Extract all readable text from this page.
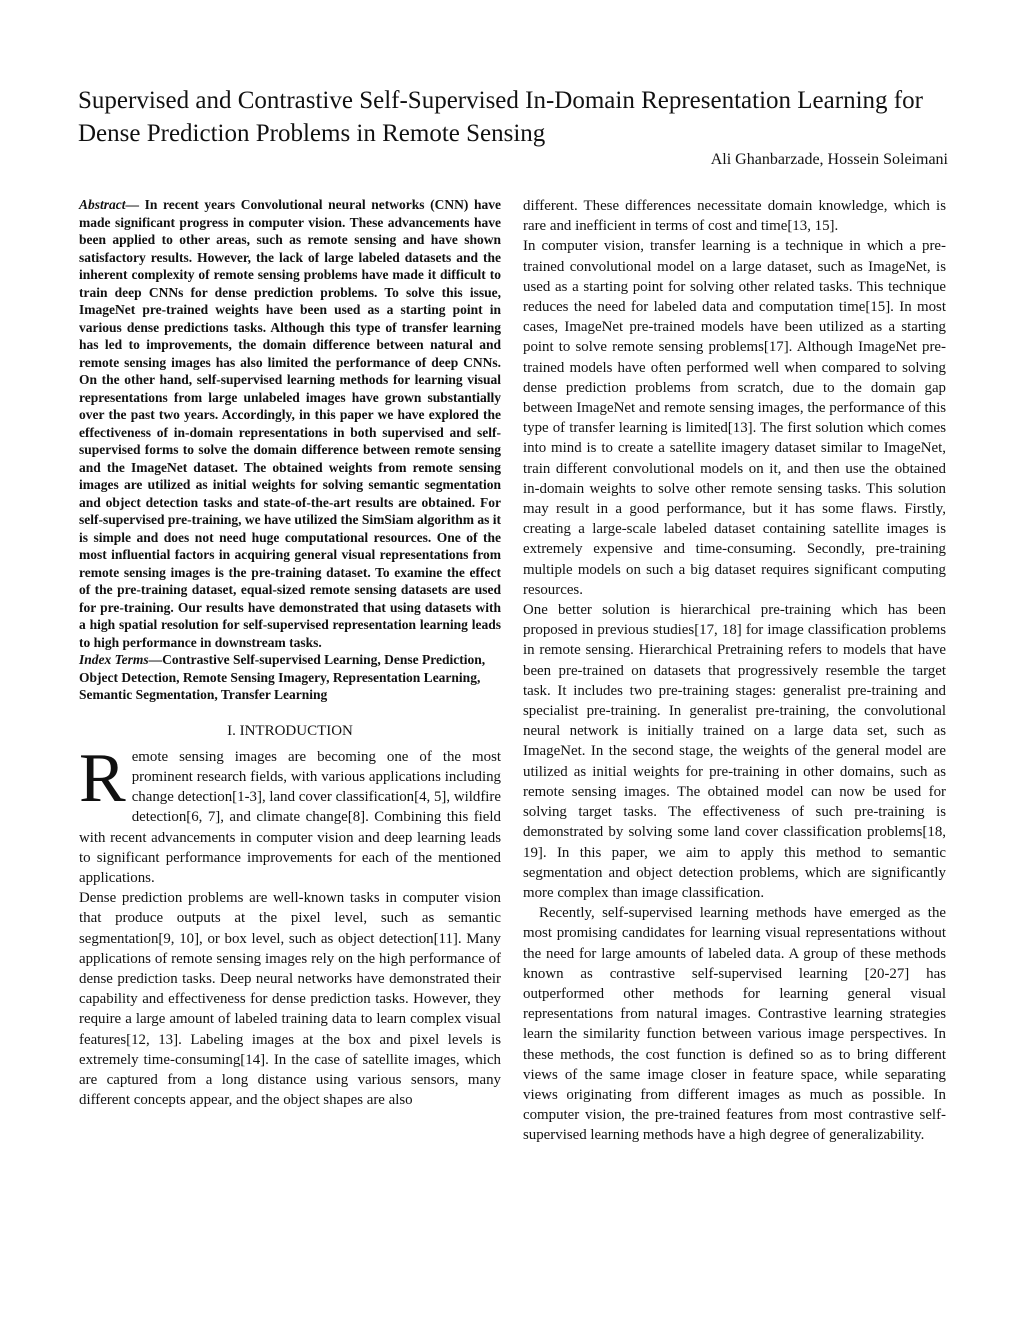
Supervised and Contrastive Self-Supervised In-Domain Representation Learning for Dense Prediction Problems in Remote Sensing
Ali Ghanbarzade, Hossein Soleimani

Abstract— In recent years Convolutional neural networks (CNN) have made significant progress in computer vision. These advancements have been applied to other areas, such as remote sensing and have shown satisfactory results. However, the lack of large labeled datasets and the inherent complexity of remote sensing problems have made it difficult to train deep CNNs for dense prediction problems. To solve this issue, ImageNet pre-trained weights have been used as a starting point in various dense predictions tasks. Although this type of transfer learning has led to improvements, the domain difference between natural and remote sensing images has also limited the performance of deep CNNs. On the other hand, self-supervised learning methods for learning visual representations from large unlabeled images have grown substantially over the past two years. Accordingly, in this paper we have explored the effectiveness of in-domain representations in both supervised and self-supervised forms to solve the domain difference between remote sensing and the ImageNet dataset. The obtained weights from remote sensing images are utilized as initial weights for solving semantic segmentation and object detection tasks and state-of-the-art results are obtained. For self-supervised pre-training, we have utilized the SimSiam algorithm as it is simple and does not need huge computational resources. One of the most influential factors in acquiring general visual representations from remote sensing images is the pre-training dataset. To examine the effect of the pre-training dataset, equal-sized remote sensing datasets are used for pre-training. Our results have demonstrated that using datasets with a high spatial resolution for self-supervised representation learning leads to high performance in downstream tasks.

Index Terms—Contrastive Self-supervised Learning, Dense Prediction, Object Detection, Remote Sensing Imagery, Representation Learning, Semantic Segmentation, Transfer Learning

I. INTRODUCTION

Remote sensing images are becoming one of the most prominent research fields, with various applications including change detection[1-3], land cover classification[4, 5], wildfire detection[6, 7], and climate change[8]. Combining this field with recent advancements in computer vision and deep learning leads to significant performance improvements for each of the mentioned applications.

Dense prediction problems are well-known tasks in computer vision that produce outputs at the pixel level, such as semantic segmentation[9, 10], or box level, such as object detection[11]. Many applications of remote sensing images rely on the high performance of dense prediction tasks. Deep neural networks have demonstrated their capability and effectiveness for dense prediction tasks. However, they require a large amount of labeled training data to learn complex visual features[12, 13]. Labeling images at the box and pixel levels is extremely time-consuming[14]. In the case of satellite images, which are captured from a long distance using various sensors, many different concepts appear, and the object shapes are also

different. These differences necessitate domain knowledge, which is rare and inefficient in terms of cost and time[13, 15].

In computer vision, transfer learning is a technique in which a pre-trained convolutional model on a large dataset, such as ImageNet, is used as a starting point for solving other related tasks. This technique reduces the need for labeled data and computation time[15]. In most cases, ImageNet pre-trained models have been utilized as a starting point to solve remote sensing problems[17]. Although ImageNet pre-trained models have often performed well when compared to solving dense prediction problems from scratch, due to the domain gap between ImageNet and remote sensing images, the performance of this type of transfer learning is limited[13]. The first solution which comes into mind is to create a satellite imagery dataset similar to ImageNet, train different convolutional models on it, and then use the obtained in-domain weights to solve other remote sensing tasks. This solution may result in a good performance, but it has some flaws. Firstly, creating a large-scale labeled dataset containing satellite images is extremely expensive and time-consuming. Secondly, pre-training multiple models on such a big dataset requires significant computing resources.

One better solution is hierarchical pre-training which has been proposed in previous studies[17, 18] for image classification problems in remote sensing. Hierarchical Pretraining refers to models that have been pre-trained on datasets that progressively resemble the target task. It includes two pre-training stages: generalist pre-training and specialist pre-training. In generalist pre-training, the convolutional neural network is initially trained on a large data set, such as ImageNet. In the second stage, the weights of the general model are utilized as initial weights for pre-training in other domains, such as remote sensing images. The obtained model can now be used for solving target tasks. The effectiveness of such pre-training is demonstrated by solving some land cover classification problems[18, 19]. In this paper, we aim to apply this method to semantic segmentation and object detection problems, which are significantly more complex than image classification.

Recently, self-supervised learning methods have emerged as the most promising candidates for learning visual representations without the need for large amounts of labeled data. A group of these methods known as contrastive self-supervised learning [20-27] has outperformed other methods for learning general visual representations from natural images. Contrastive learning strategies learn the similarity function between various image perspectives. In these methods, the cost function is defined so as to bring different views of the same image closer in feature space, while separating views originating from different images as much as possible. In computer vision, the pre-trained features from most contrastive self-supervised learning methods have a high degree of generalizability.
